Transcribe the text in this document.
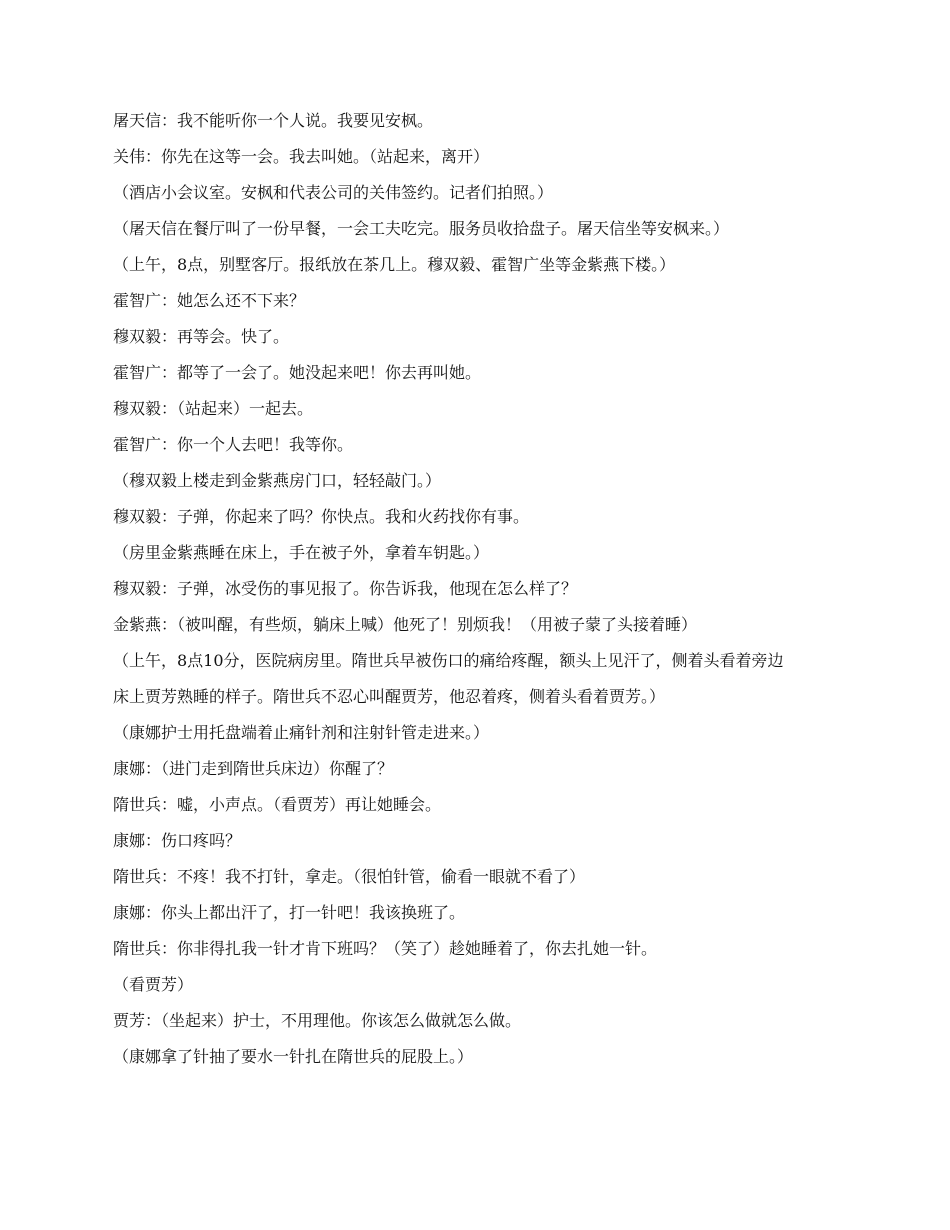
屠天信：我不能听你一个人说。我要见安枫。

关伟：你先在这等一会。我去叫她。（站起来，离开）

（酒店小会议室。安枫和代表公司的关伟签约。记者们拍照。）

（屠天信在餐厅叫了一份早餐，一会工夫吃完。服务员收拾盘子。屠天信坐等安枫来。）

（上午，8点，别墅客厅。报纸放在茶几上。穆双毅、霍智广坐等金紫燕下楼。）

霍智广：她怎么还不下来？

穆双毅：再等会。快了。

霍智广：都等了一会了。她没起来吧！你去再叫她。

穆双毅：（站起来）一起去。

霍智广：你一个人去吧！我等你。

（穆双毅上楼走到金紫燕房门口，轻轻敲门。）

穆双毅：子弹，你起来了吗？你快点。我和火药找你有事。

（房里金紫燕睡在床上，手在被子外，拿着车钥匙。）

穆双毅：子弹，冰受伤的事见报了。你告诉我，他现在怎么样了？

金紫燕：（被叫醒，有些烦，躺床上喊）他死了！别烦我！（用被子蒙了头接着睡）

（上午，8点10分，医院病房里。隋世兵早被伤口的痛给疼醒，额头上见汗了，侧着头看着旁边

床上贾芳熟睡的样子。隋世兵不忍心叫醒贾芳，他忍着疼，侧着头看着贾芳。）

（康娜护士用托盘端着止痛针剂和注射针管走进来。）

康娜：（进门走到隋世兵床边）你醒了？

隋世兵：嘘，小声点。（看贾芳）再让她睡会。

康娜：伤口疼吗？

隋世兵：不疼！我不打针，拿走。（很怕针管，偷看一眼就不看了）

康娜：你头上都出汗了，打一针吧！我该换班了。

隋世兵：你非得扎我一针才肯下班吗？（笑了）趁她睡着了，你去扎她一针。

（看贾芳）

贾芳：（坐起来）护士，不用理他。你该怎么做就怎么做。

（康娜拿了针抽了要水一针扎在隋世兵的屁股上。）
